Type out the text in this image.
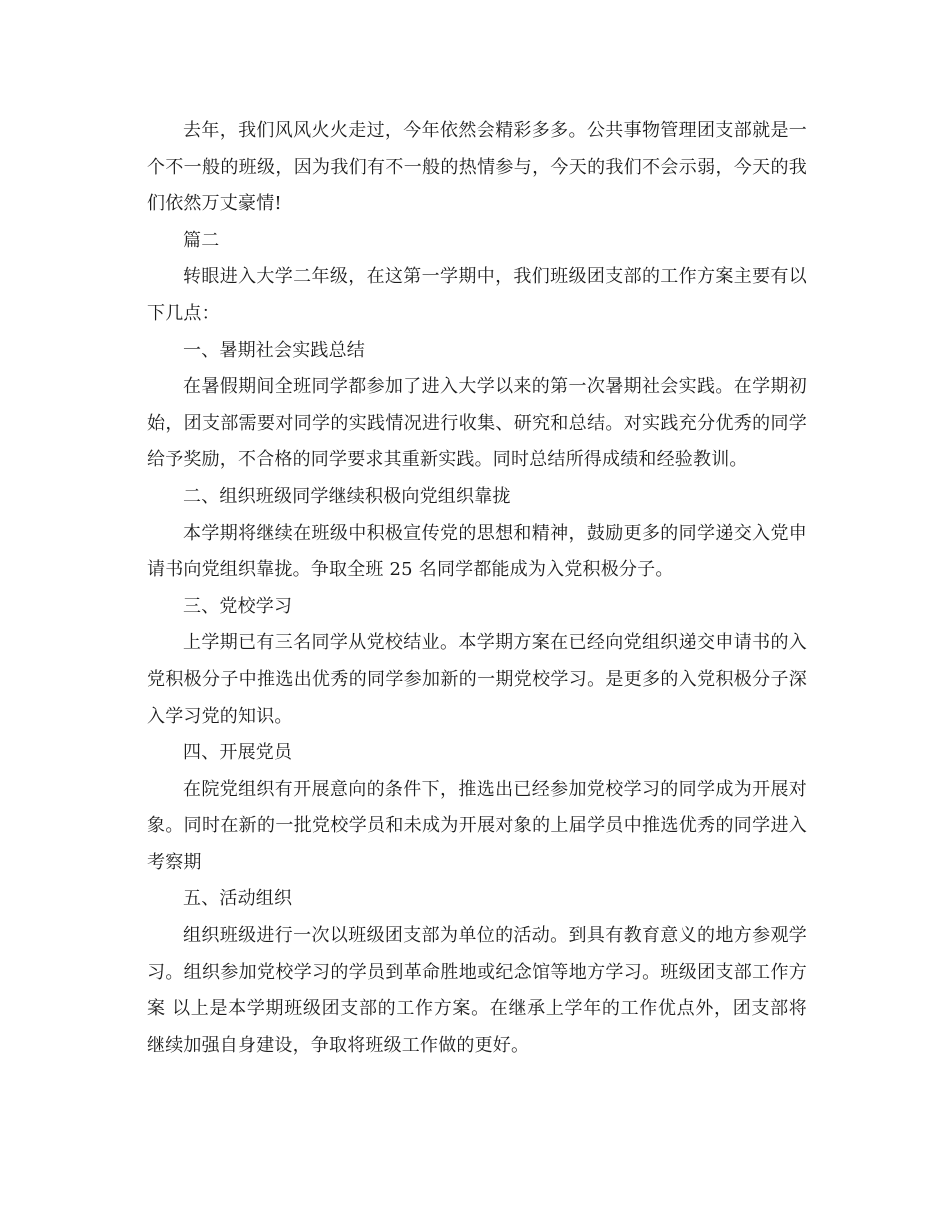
去年，我们风风火火走过，今年依然会精彩多多。公共事物管理团支部就是一个不一般的班级，因为我们有不一般的热情参与，今天的我们不会示弱，今天的我们依然万丈豪情!

篇二

转眼进入大学二年级，在这第一学期中，我们班级团支部的工作方案主要有以下几点：

一、暑期社会实践总结

在暑假期间全班同学都参加了进入大学以来的第一次暑期社会实践。在学期初始，团支部需要对同学的实践情况进行收集、研究和总结。对实践充分优秀的同学给予奖励，不合格的同学要求其重新实践。同时总结所得成绩和经验教训。

二、组织班级同学继续积极向党组织靠拢

本学期将继续在班级中积极宣传党的思想和精神，鼓励更多的同学递交入党申请书向党组织靠拢。争取全班 25 名同学都能成为入党积极分子。

三、党校学习

上学期已有三名同学从党校结业。本学期方案在已经向党组织递交申请书的入党积极分子中推选出优秀的同学参加新的一期党校学习。是更多的入党积极分子深入学习党的知识。

四、开展党员

在院党组织有开展意向的条件下，推选出已经参加党校学习的同学成为开展对象。同时在新的一批党校学员和未成为开展对象的上届学员中推选优秀的同学进入考察期

五、活动组织

组织班级进行一次以班级团支部为单位的活动。到具有教育意义的地方参观学习。组织参加党校学习的学员到革命胜地或纪念馆等地方学习。班级团支部工作方案 以上是本学期班级团支部的工作方案。在继承上学年的工作优点外，团支部将继续加强自身建设，争取将班级工作做的更好。
